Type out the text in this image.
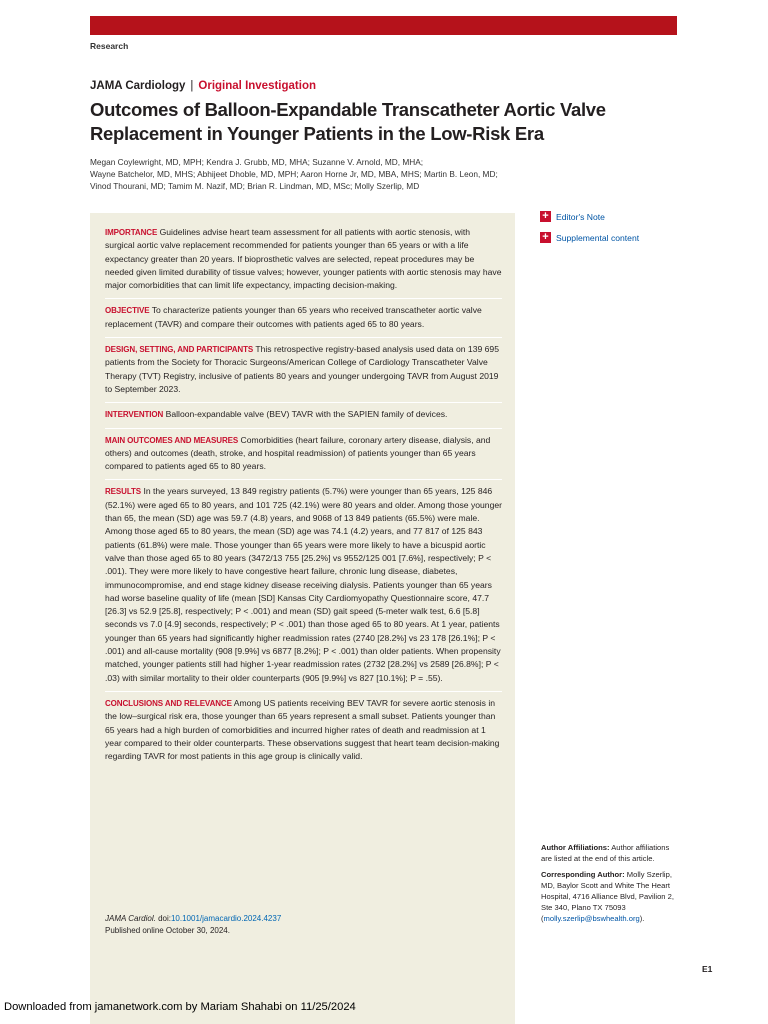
Research
JAMA Cardiology | Original Investigation
Outcomes of Balloon-Expandable Transcatheter Aortic Valve
Replacement in Younger Patients in the Low-Risk Era

Megan Coylewright, MD, MPH; Kendra J. Grubb, MD, MHA; Suzanne V. Arnold, MD, MHA;

Wayne Batchelor, MD, MHS; Abhijeet Dhoble, MD, MPH; Aaron Horne Jr, MD, MBA, MHS; Martin B. Leon, MD;

Vinod Thourani, MD; Tamim M. Nazif, MD; Brian R. Lindman, MD, MSc; Molly Szerlip, MD

IMPORTANCE Guidelines advise heart team assessment for all patients with aortic stenosis, with surgical aortic valve replacement recommended for patients younger than 65 years or with a life expectancy greater than 20 years. If bioprosthetic valves are selected, repeat procedures may be needed given limited durability of tissue valves; however, younger patients with aortic stenosis may have major comorbidities that can limit life expectancy, impacting decision-making.
OBJECTIVE To characterize patients younger than 65 years who received transcatheter aortic valve replacement (TAVR) and compare their outcomes with patients aged 65 to 80 years.
DESIGN, SETTING, AND PARTICIPANTS This retrospective registry-based analysis used data on 139 695 patients from the Society for Thoracic Surgeons/American College of Cardiology Transcatheter Valve Therapy (TVT) Registry, inclusive of patients 80 years and younger undergoing TAVR from August 2019 to September 2023.
INTERVENTION Balloon-expandable valve (BEV) TAVR with the SAPIEN family of devices.
MAIN OUTCOMES AND MEASURES Comorbidities (heart failure, coronary artery disease, dialysis, and others) and outcomes (death, stroke, and hospital readmission) of patients younger than 65 years compared to patients aged 65 to 80 years.
RESULTS In the years surveyed, 13 849 registry patients (5.7%) were younger than 65 years, 125 846 (52.1%) were aged 65 to 80 years, and 101 725 (42.1%) were 80 years and older. Among those younger than 65, the mean (SD) age was 59.7 (4.8) years, and 9068 of 13 849 patients (65.5%) were male. Among those aged 65 to 80 years, the mean (SD) age was 74.1 (4.2) years, and 77 817 of 125 843 patients (61.8%) were male. Those younger than 65 years were more likely to have a bicuspid aortic valve than those aged 65 to 80 years (3472/13 755 [25.2%] vs 9552/125 001 [7.6%], respectively; P < .001). They were more likely to have congestive heart failure, chronic lung disease, diabetes, immunocompromise, and end stage kidney disease receiving dialysis. Patients younger than 65 years had worse baseline quality of life (mean [SD] Kansas City Cardiomyopathy Questionnaire score, 47.7 [26.3] vs 52.9 [25.8], respectively; P < .001) and mean (SD) gait speed (5-meter walk test, 6.6 [5.8] seconds vs 7.0 [4.9] seconds, respectively; P < .001) than those aged 65 to 80 years. At 1 year, patients younger than 65 years had significantly higher readmission rates (2740 [28.2%] vs 23 178 [26.1%]; P < .001) and all-cause mortality (908 [9.9%] vs 6877 [8.2%]; P < .001) than older patients. When propensity matched, younger patients still had higher 1-year readmission rates (2732 [28.2%] vs 2589 [26.8%]; P < .03) with similar mortality to their older counterparts (905 [9.9%] vs 827 [10.1%]; P = .55).
CONCLUSIONS AND RELEVANCE Among US patients receiving BEV TAVR for severe aortic stenosis in the low–surgical risk era, those younger than 65 years represent a small subset. Patients younger than 65 years had a high burden of comorbidities and incurred higher rates of death and readmission at 1 year compared to their older counterparts. These observations suggest that heart team decision-making regarding TAVR for most patients in this age group is clinically valid.
JAMA Cardiol. doi:10.1001/jamacardio.2024.4237
Published online October 30, 2024.
+ Editor's Note
+ Supplemental content
Author Affiliations: Author affiliations are listed at the end of this article.
Corresponding Author: Molly Szerlip, MD, Baylor Scott and White The Heart Hospital, 4716 Alliance Blvd, Pavilion 2, Ste 340, Plano TX 75093 (molly.szerlip@bswhealth.org).
E1
Downloaded from jamanetwork.com by Mariam Shahabi on 11/25/2024
